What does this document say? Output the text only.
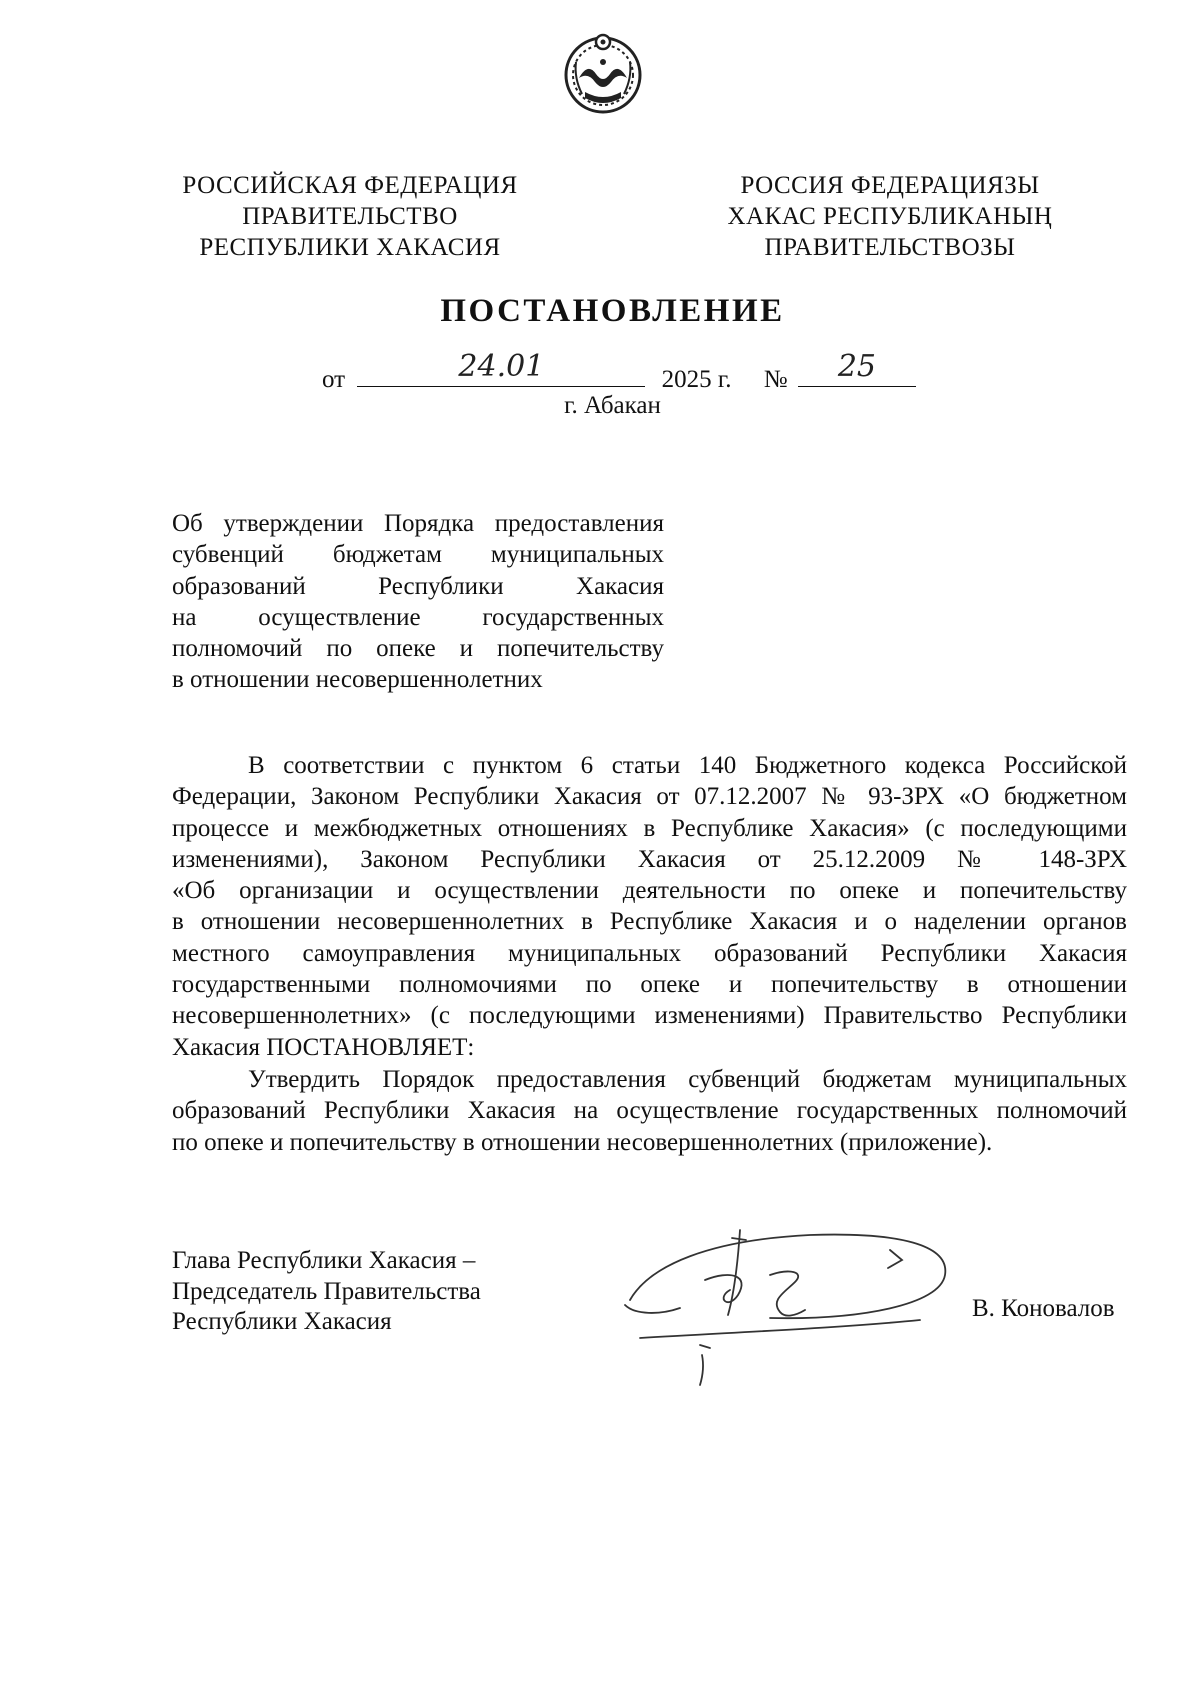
РОССИЙСКАЯ ФЕДЕРАЦИЯ
ПРАВИТЕЛЬСТВО
РЕСПУБЛИКИ ХАКАСИЯ
РОССИЯ ФЕДЕРАЦИЯЗЫ
ХАКАС РЕСПУБЛИКАНЫҢ
ПРАВИТЕЛЬСТВОЗЫ
ПОСТАНОВЛЕНИЕ
от	24.01	2025 г. №	25
г. Абакан
Об утверждении Порядка предоставления
субвенций бюджетам муниципальных
образований Республики Хакасия
на осуществление государственных
полномочий по опеке и попечительству
в отношении несовершеннолетних
В соответствии с пунктом 6 статьи 140 Бюджетного кодекса Российской
Федерации, Законом Республики Хакасия от 07.12.2007 № 93-ЗРХ «О бюджетном
процессе и межбюджетных отношениях в Республике Хакасия» (с последующими
изменениями), Законом Республики Хакасия от 25.12.2009 № 148-ЗРХ
«Об организации и осуществлении деятельности по опеке и попечительству
в отношении несовершеннолетних в Республике Хакасия и о наделении органов
местного самоуправления муниципальных образований Республики Хакасия
государственными полномочиями по опеке и попечительству в отношении
несовершеннолетних» (с последующими изменениями) Правительство Республики
Хакасия ПОСТАНОВЛЯЕТ:
Утвердить Порядок предоставления субвенций бюджетам муниципальных
образований Республики Хакасия на осуществление государственных полномочий
по опеке и попечительству в отношении несовершеннолетних (приложение).
Глава Республики Хакасия –
Председатель Правительства
Республики Хакасия	В. Коновалов
